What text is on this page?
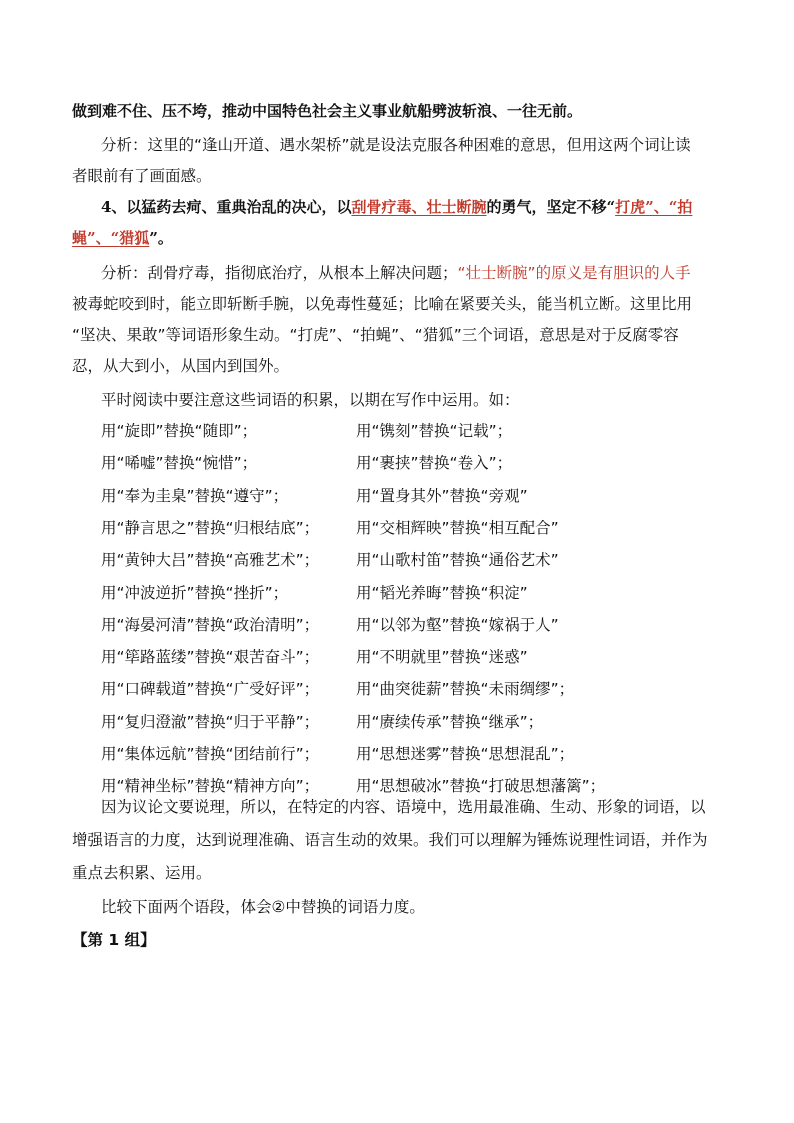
做到难不住、压不垮，推动中国特色社会主义事业航船劈波斩浪、一往无前。
分析：这里的“逢山开道、遇水架桥”就是设法克服各种困难的意思，但用这两个词让读
者眼前有了画面感。
4、以猛药去疴、重典治乱的决心，以刮骨疗毒、壮士断腕的勇气，坚定不移“打虎”、“拍
蝇”、“猎狐”。
分析：刮骨疗毒，指彻底治疗，从根本上解决问题；“壮士断腕”的原义是有胆识的人手
被毒蛇咬到时，能立即斩断手腕，以免毒性蔓延；比喻在紧要关头，能当机立断。这里比用
“坚决、果敢”等词语形象生动。“打虎”、“拍蝇”、“猎狐”三个词语，意思是对于反腐零容
忍，从大到小，从国内到国外。
平时阅读中要注意这些词语的积累，以期在写作中运用。如：
用“旋即”替换“随即”；	用“镌刻”替换“记载”；
用“唏嘘”替换“惋惜”；	用“裹挟”替换“卷入”；
用“奉为圭臬”替换“遵守”；	用“置身其外”替换“旁观”
用“静言思之”替换“归根结底”； 用“交相辉映”替换“相互配合”
用“黄钟大吕”替换“高雅艺术”； 用“山歌村笛”替换“通俗艺术”
用“冲波逆折”替换“挫折”；	用“韬光养晦”替换“积淀”
用“海晏河清”替换“政治清明”； 用“以邻为壑”替换“嫁祸于人”
用“筚路蓝缕”替换“艰苦奋斗”； 用“不明就里”替换“迷惑”
用“口碑载道”替换“广受好评”； 用“曲突徙薪”替换“未雨绸缪”；
用“复归澄澈”替换“归于平静”； 用“赓续传承”替换“继承”；
用“集体远航”替换“团结前行”； 用“思想迷雾”替换“思想混乱”；
用“精神坐标”替换“精神方向”； 用“思想破冰”替换“打破思想藩篱”；
因为议论文要说理，所以，在特定的内容、语境中，选用最准确、生动、形象的词语，以
增强语言的力度，达到说理准确、语言生动的效果。我们可以理解为锤炼说理性词语，并作为
重点去积累、运用。
比较下面两个语段，体会②中替换的词语力度。
【第 1 组】
